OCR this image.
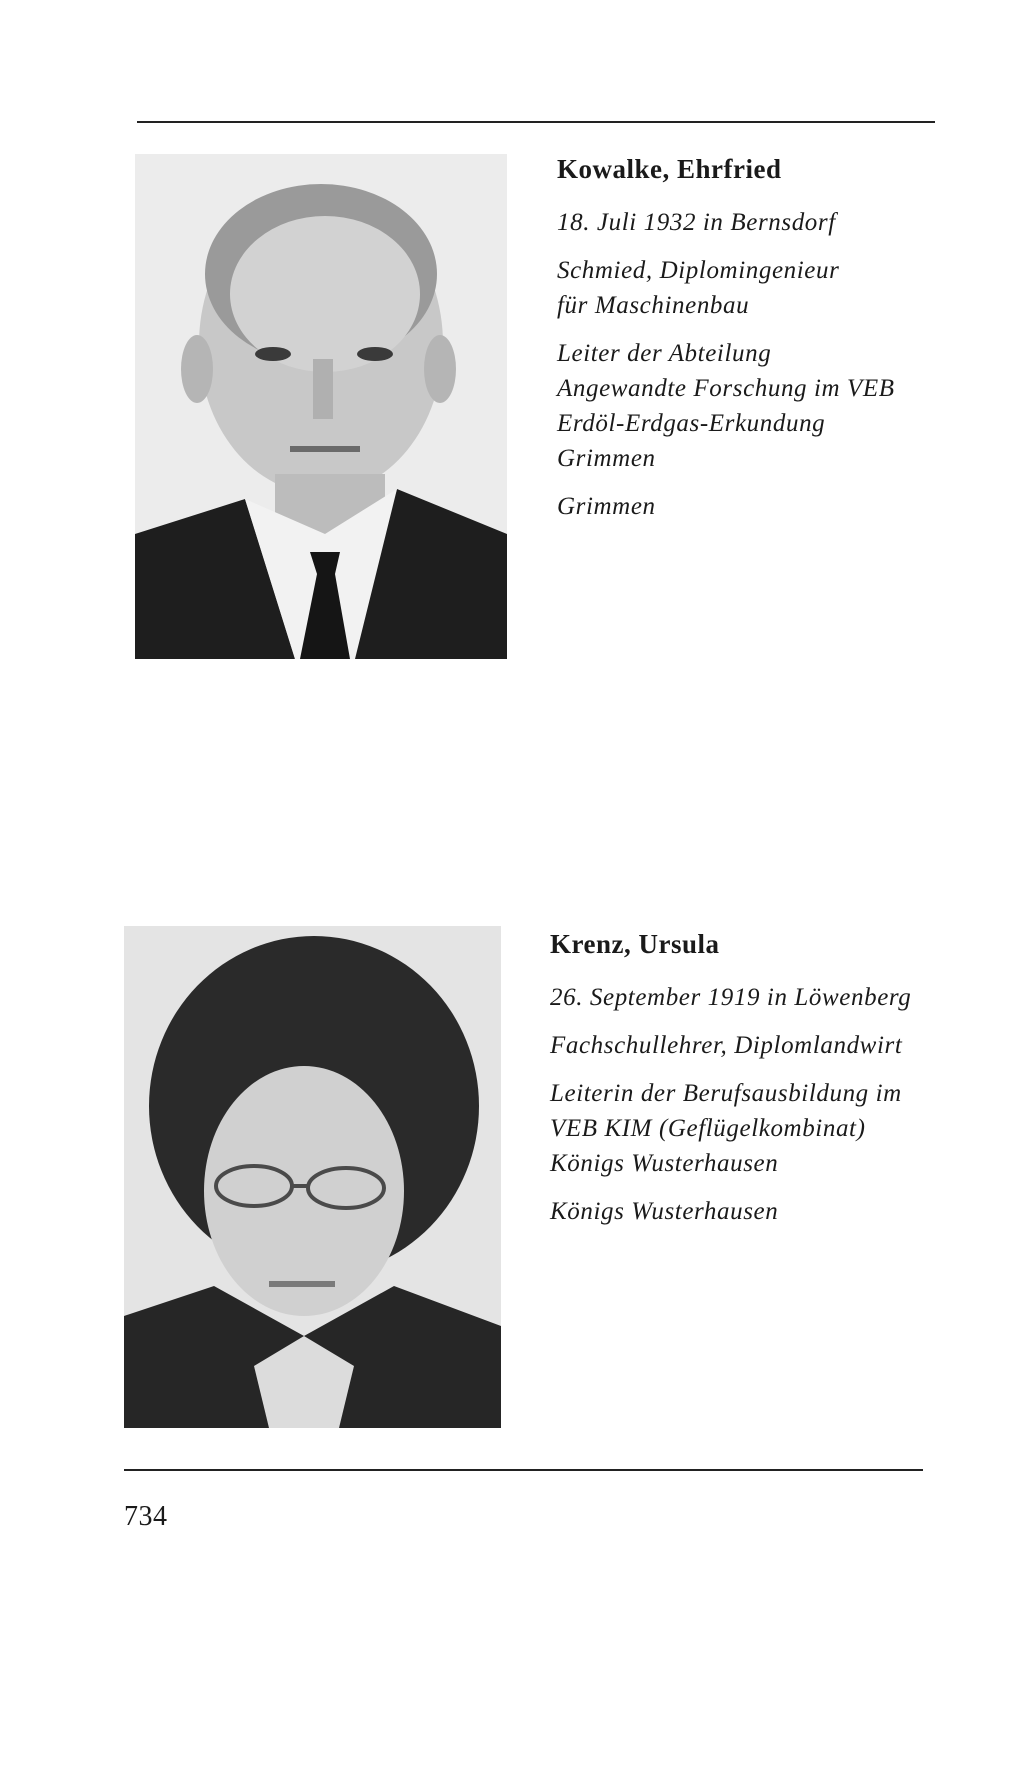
Kowalke, Ehrfried
18. Juli 1932 in Bernsdorf
Schmied, Diplomingenieur
für Maschinenbau
Leiter der Abteilung
Angewandte Forschung im VEB
Erdöl-Erdgas-Erkundung
Grimmen
Grimmen
Krenz, Ursula
26. September 1919 in Löwenberg
Fachschullehrer, Diplomlandwirt
Leiterin der Berufsausbildung im
VEB KIM (Geflügelkombinat)
Königs Wusterhausen
Königs Wusterhausen
734
